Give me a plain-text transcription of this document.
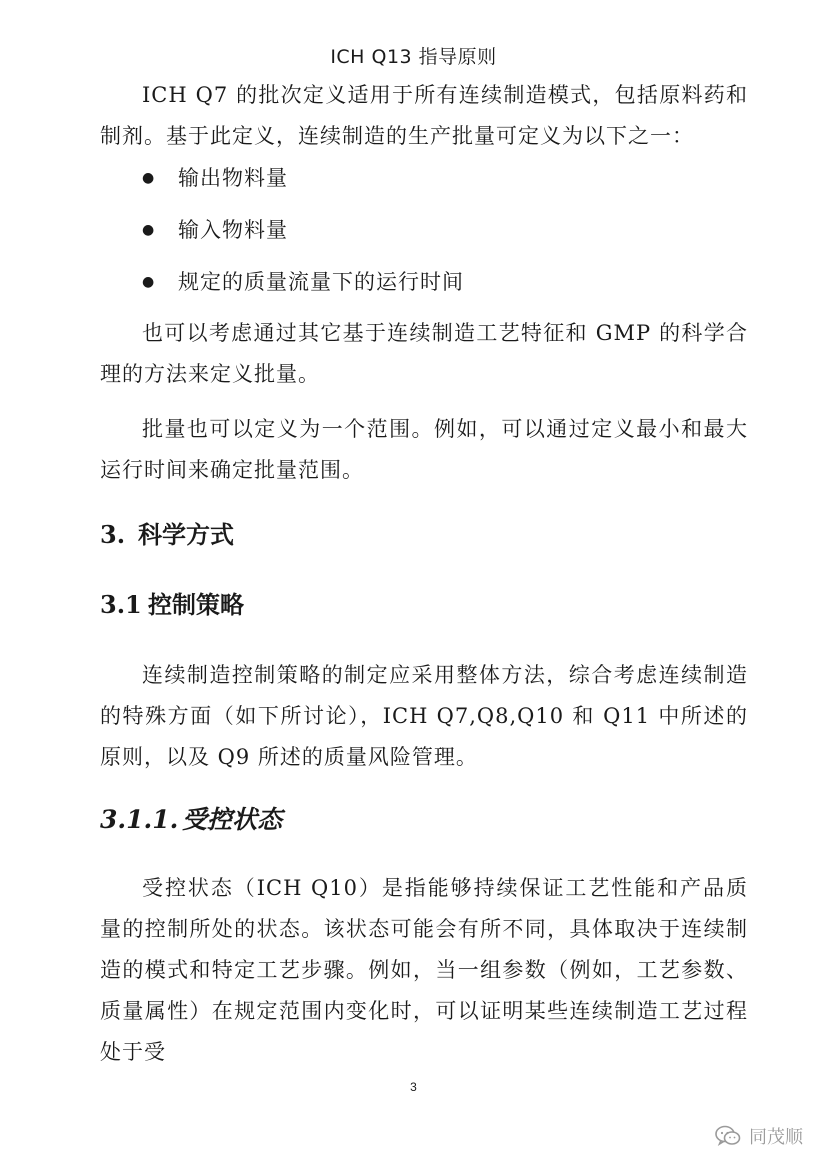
ICH Q13 指导原则

ICH Q7 的批次定义适用于所有连续制造模式，包括原料药和制剂。基于此定义，连续制造的生产批量可定义为以下之一：

● 输出物料量
● 输入物料量
● 规定的质量流量下的运行时间

也可以考虑通过其它基于连续制造工艺特征和 GMP 的科学合理的方法来定义批量。

批量也可以定义为一个范围。例如，可以通过定义最小和最大运行时间来确定批量范围。

3. 科学方式
3.1 控制策略

连续制造控制策略的制定应采用整体方法，综合考虑连续制造的特殊方面（如下所讨论），ICH Q7,Q8,Q10 和 Q11 中所述的原则，以及 Q9 所述的质量风险管理。

3.1.1. 受控状态

受控状态（ICH Q10）是指能够持续保证工艺性能和产品质量的控制所处的状态。该状态可能会有所不同，具体取决于连续制造的模式和特定工艺步骤。例如，当一组参数（例如，工艺参数、质量属性）在规定范围内变化时，可以证明某些连续制造工艺过程处于受

3
同茂顺
